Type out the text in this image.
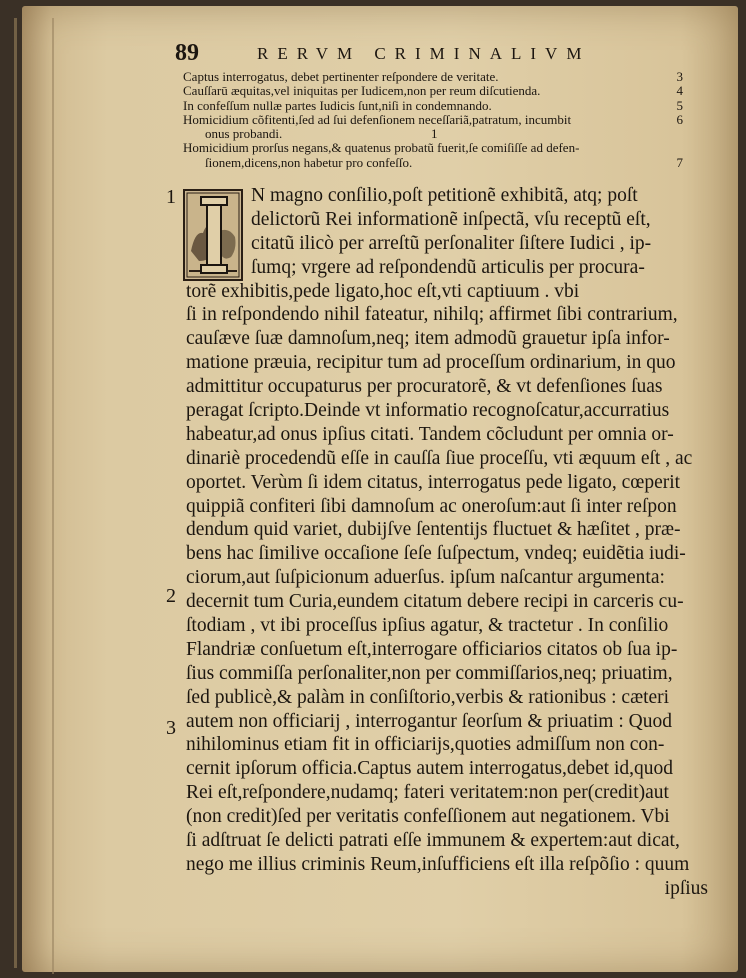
89	RERVM CRIMINALIVM
Captus interrogatus, debet pertinenter reſpondere de veritate.	3
Cauſſarū æquitas,vel iniquitas per Iudicem,non per reum diſcutienda.	4
In confeſſum nullæ partes Iudicis ſunt,niſi in condemnando.	5
Homicidium cõfitenti,ſed ad ſui defenſionem neceſſariã,patratum, incumbit	6
onus probandi.	1
Homicidium prorſus negans,& quatenus probatũ fuerit,ſe comiſiſſe ad defen-
ſionem,dicens,non habetur pro confeſſo.	7
1
2
3
N magno conſilio,poſt petitionẽ exhibitã, atq; poſt
delictorũ Rei informationẽ inſpectã, vſu receptũ eſt,
citatũ ilicò per arreſtũ perſonaliter ſiſtere Iudici , ip-
ſumq; vrgere ad reſpondendũ articulis per procura-
torẽ exhibitis,pede ligato,hoc eſt,vti captiuum . vbi
ſi in reſpondendo nihil fateatur, nihilq; affirmet ſibi contrarium,
cauſæve ſuæ damnoſum,neq; item admodũ grauetur ipſa infor-
matione præuia, recipitur tum ad proceſſum ordinarium, in quo
admittitur occupaturus per procuratorẽ, & vt defenſiones ſuas
peragat ſcripto.Deinde vt informatio recognoſcatur,accurratius
habeatur,ad onus ipſius citati. Tandem cõcludunt per omnia or-
dinariè procedendũ eſſe in cauſſa ſiue proceſſu, vti æquum eſt , ac
oportet. Verùm ſi idem citatus, interrogatus pede ligato, cœperit
quippiã confiteri ſibi damnoſum ac oneroſum:aut ſi inter reſpon
dendum quid variet, dubijſve ſententijs fluctuet & hæſitet , præ-
bens hac ſimilive occaſione ſeſe ſuſpectum, vndeq; euidẽtia iudi-
ciorum,aut ſuſpicionum aduerſus. ipſum naſcantur argumenta:
decernit tum Curia,eundem citatum debere recipi in carceris cu-
ſtodiam , vt ibi proceſſus ipſius agatur, & tractetur . In conſilio
Flandriæ conſuetum eſt,interrogare officiarios citatos ob ſua ip-
ſius commiſſa perſonaliter,non per commiſſarios,neq; priuatim,
ſed publicè,& palàm in conſiſtorio,verbis & rationibus : cæteri
autem non officiarij , interrogantur ſeorſum & priuatim : Quod
nihilominus etiam fit in officiarijs,quoties admiſſum non con-
cernit ipſorum officia.Captus autem interrogatus,debet id,quod
Rei eſt,reſpondere,nudamq; fateri veritatem:non per(credit)aut
(non credit)ſed per veritatis confeſſionem aut negationem. Vbi
ſi adſtruat ſe delicti patrati eſſe immunem & expertem:aut dicat,
nego me illius criminis Reum,inſufficiens eſt illa reſpõſio : quum
ipſius
